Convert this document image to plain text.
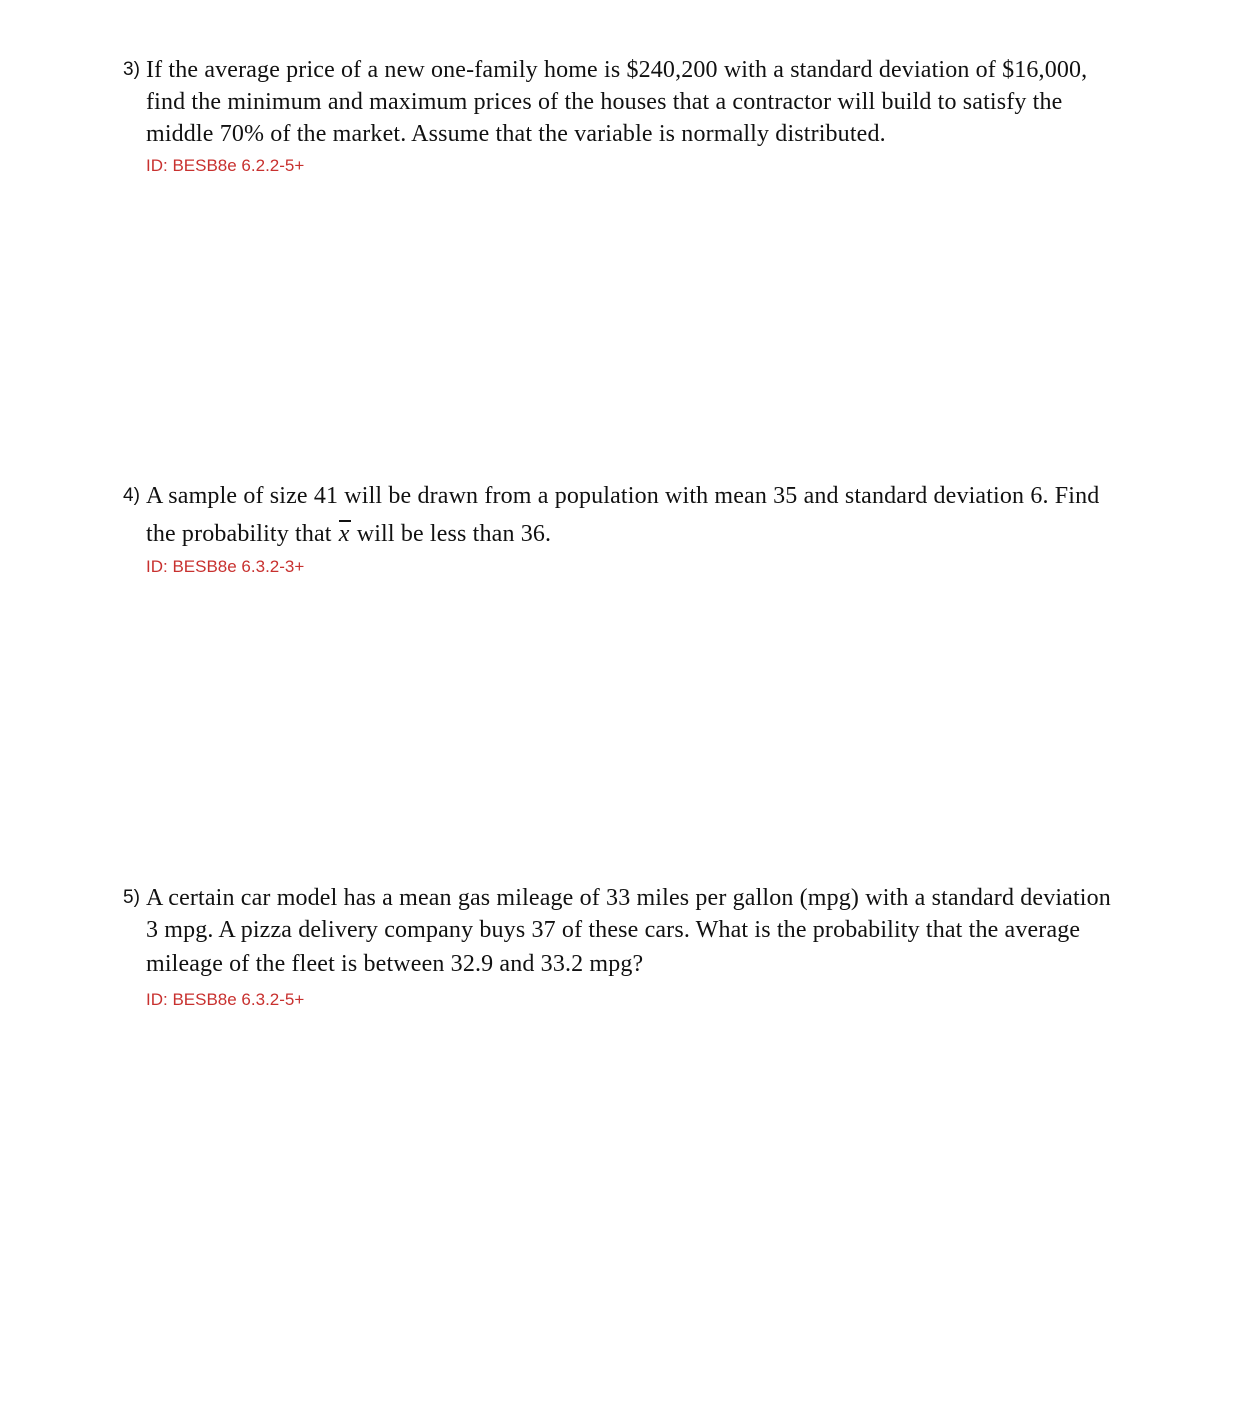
3) If the average price of a new one-family home is $240,200 with a standard deviation of $16,000,
find the minimum and maximum prices of the houses that a contractor will build to satisfy the
middle 70% of the market. Assume that the variable is normally distributed.
ID: BESB8e 6.2.2-5+
4) A sample of size 41 will be drawn from a population with mean 35 and standard deviation 6. Find
the probability that x will be less than 36.
ID: BESB8e 6.3.2-3+
5) A certain car model has a mean gas mileage of 33 miles per gallon (mpg) with a standard deviation
3 mpg. A pizza delivery company buys 37 of these cars. What is the probability that the average
mileage of the fleet is between 32.9 and 33.2 mpg?
ID: BESB8e 6.3.2-5+
